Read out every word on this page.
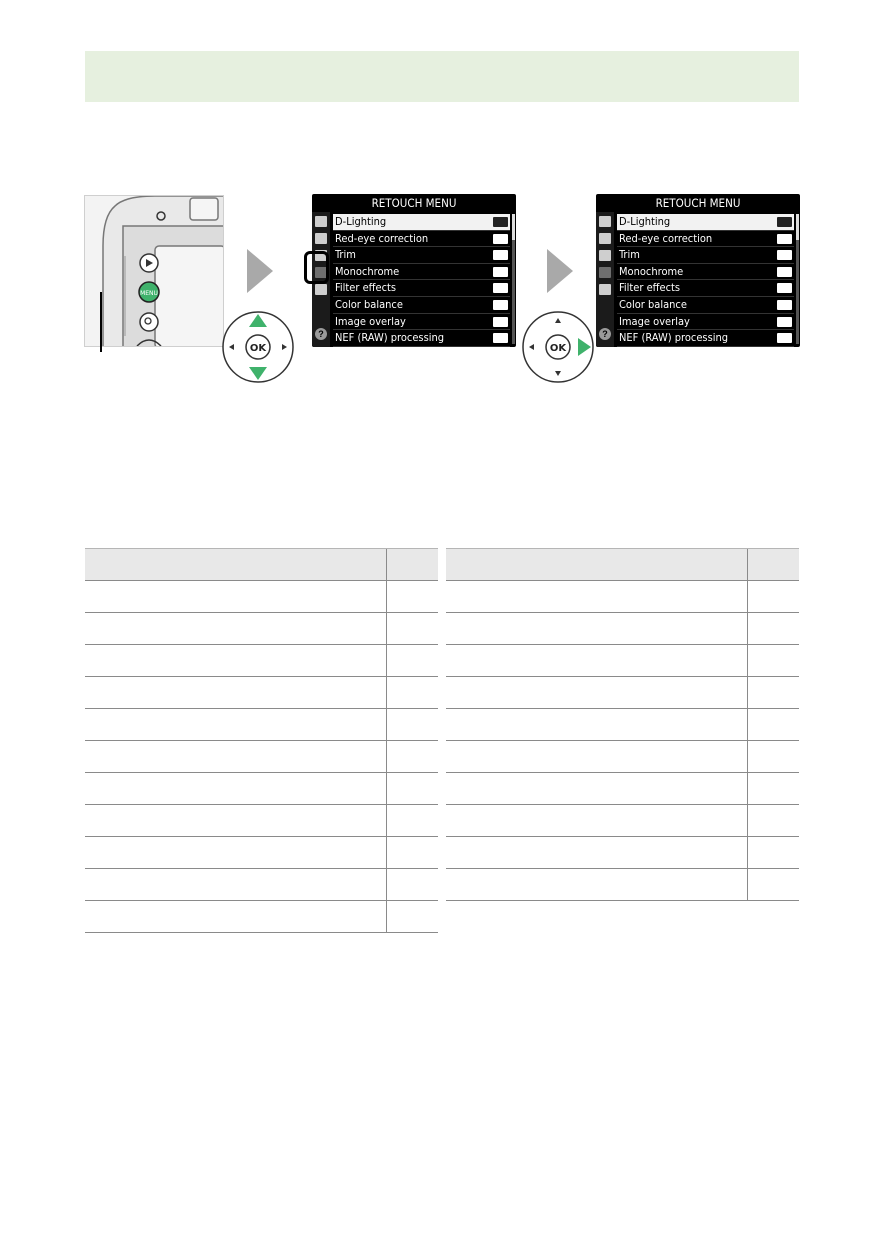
MENU
OK	OK
RETOUCH MENU
?
D-Lighting
Red-eye correction
Trim
Monochrome
Filter effects
Color balance
Image overlay
NEF (RAW) processing
RETOUCH MENU
?
D-Lighting
Red-eye correction
Trim
Monochrome
Filter effects
Color balance
Image overlay
NEF (RAW) processing
